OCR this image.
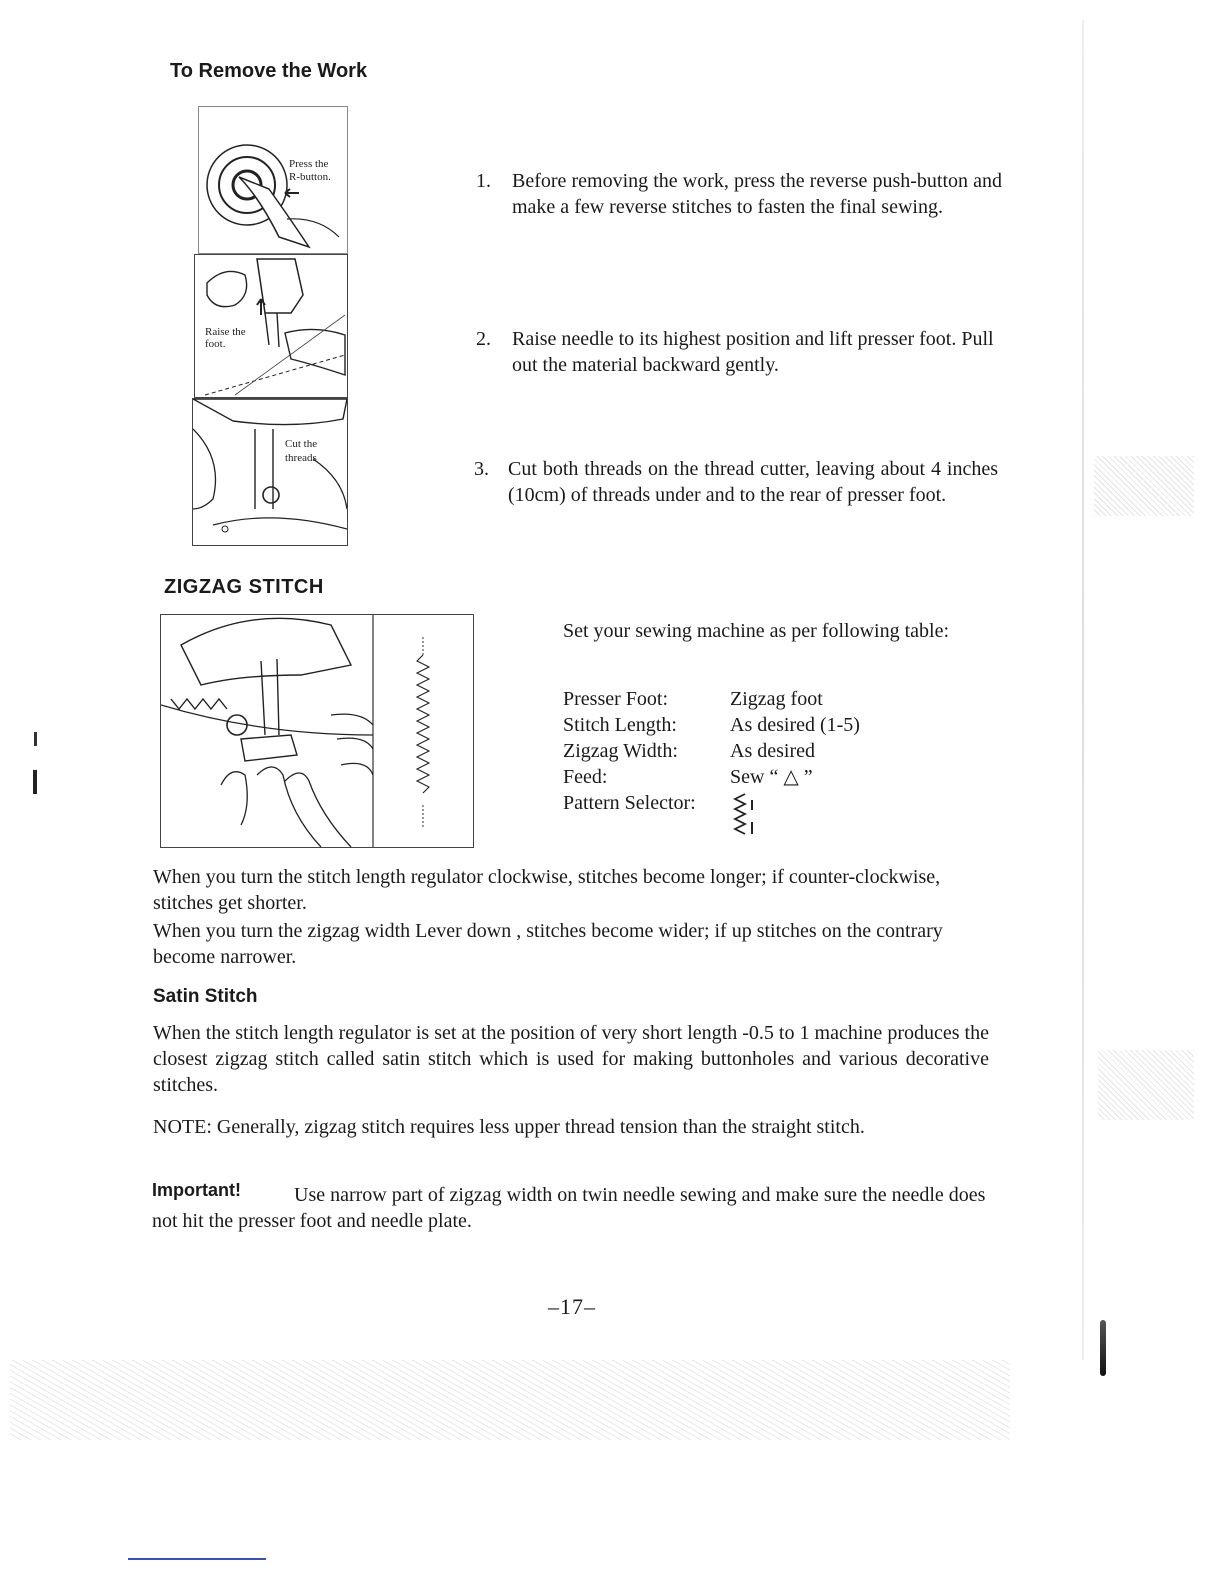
To Remove the Work
Press the
R-button.
Raise the
foot.
Cut the
threads
1. Before removing the work, press the reverse push-button and make a few reverse stitches to fasten the final sewing.
2. Raise needle to its highest position and lift presser foot. Pull out the material backward gently.
3. Cut both threads on the thread cutter, leaving about 4 inches (10cm) of threads under and to the rear of presser foot.
ZIGZAG STITCH
Set your sewing machine as per following table:
Presser Foot:	Zigzag foot
Stitch Length:	As desired (1-5)
Zigzag Width:	As desired
Feed:	Sew “ △ ”
Pattern Selector:
When you turn the stitch length regulator clockwise, stitches become longer; if counter-clockwise, stitches get shorter.
When you turn the zigzag width Lever down , stitches become wider; if up stitches on the contrary become narrower.
Satin Stitch
When the stitch length regulator is set at the position of very short length -0.5 to 1 machine produces the closest zigzag stitch called satin stitch which is used for making buttonholes and various decorative stitches.
NOTE: Generally, zigzag stitch requires less upper thread tension than the straight stitch.
Important!	Use narrow part of zigzag width on twin needle sewing and make sure the needle does not hit the presser foot and needle plate.
–17–
